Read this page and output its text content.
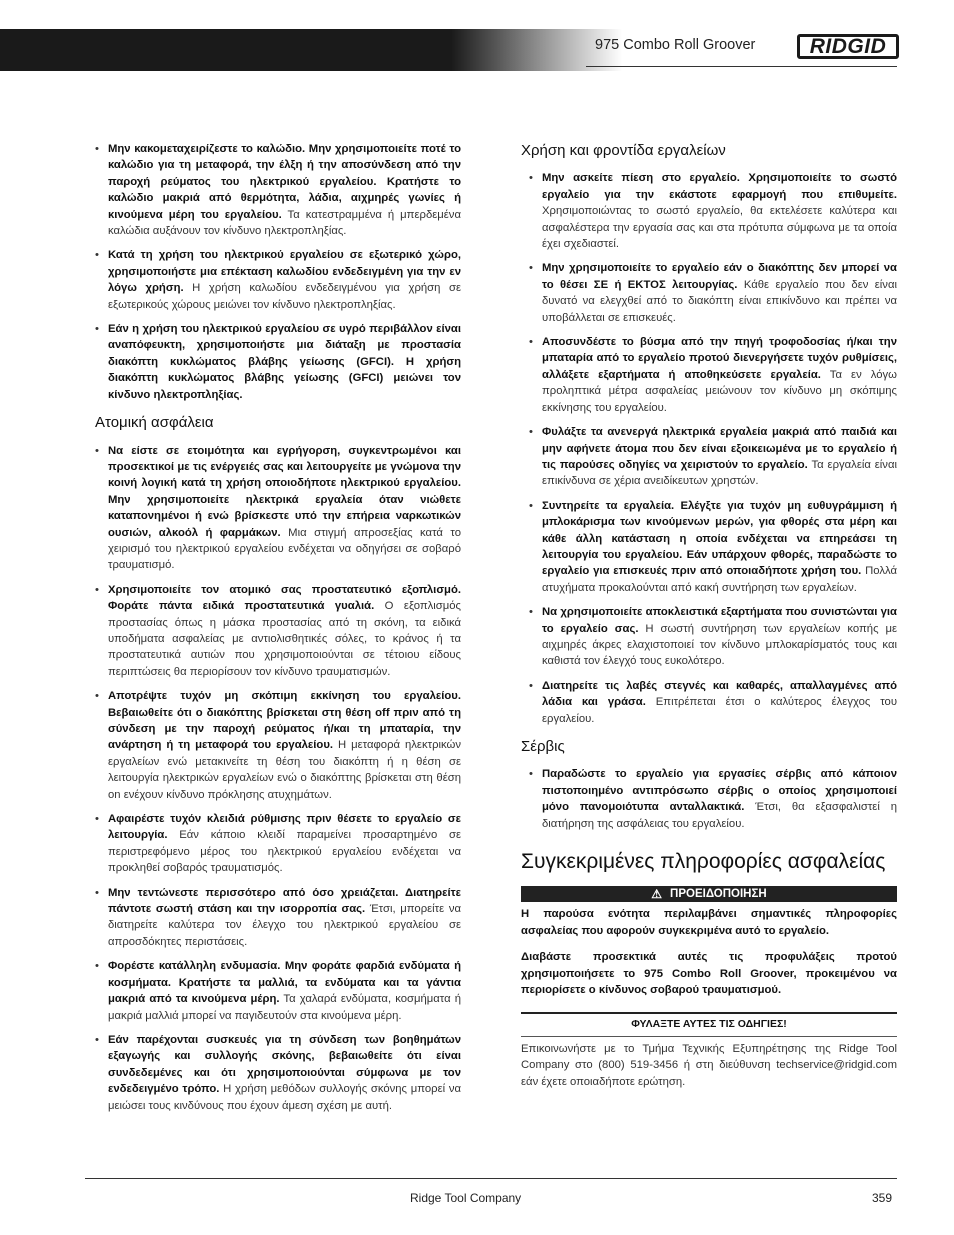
975 Combo Roll Groover	RIDGID

• Μην κακομεταχειρίζεστε το καλώδιο. Μην χρησιμοποιείτε ποτέ το καλώδιο για τη μεταφορά, την έλξη ή την αποσύνδεση από την παροχή ρεύματος του ηλεκτρικού εργαλείου. Κρατήστε το καλώδιο μακριά από θερμότητα, λάδια, αιχμηρές γωνίες ή κινούμενα μέρη του εργαλείου. Τα κατεστραμμένα ή μπερδεμένα καλώδια αυξάνουν τον κίνδυνο ηλεκτροπληξίας.

• Κατά τη χρήση του ηλεκτρικού εργαλείου σε εξωτερικό χώρο, χρησιμοποιήστε μια επέκταση καλωδίου ενδεδειγμένη για την εν λόγω χρήση. Η χρήση καλωδίου ενδεδειγμένου για χρήση σε εξωτερικούς χώρους μειώνει τον κίνδυνο ηλεκτροπληξίας.

• Εάν η χρήση του ηλεκτρικού εργαλείου σε υγρό περιβάλλον είναι αναπόφευκτη, χρησιμοποιήστε μια διάταξη με προστασία διακόπτη κυκλώματος βλάβης γείωσης (GFCI). Η χρήση διακόπτη κυκλώματος βλάβης γείωσης (GFCI) μειώνει τον κίνδυνο ηλεκτροπληξίας.

Ατομική ασφάλεια

• Να είστε σε ετοιμότητα και εγρήγορση, συγκεντρωμένοι και προσεκτικοί με τις ενέργειές σας και λειτουργείτε με γνώμονα την κοινή λογική κατά τη χρήση οποιοδήποτε ηλεκτρικού εργαλείου. Μην χρησιμοποιείτε ηλεκτρικά εργαλεία όταν νιώθετε καταπονημένοι ή ενώ βρίσκεστε υπό την επήρεια ναρκωτικών ουσιών, αλκοόλ ή φαρμάκων. Μια στιγμή απροσεξίας κατά το χειρισμό του ηλεκτρικού εργαλείου ενδέχεται να οδηγήσει σε σοβαρό τραυματισμό.

• Χρησιμοποιείτε τον ατομικό σας προστατευτικό εξοπλισμό. Φοράτε πάντα ειδικά προστατευτικά γυαλιά. Ο εξοπλισμός προστασίας όπως η μάσκα προστασίας από τη σκόνη, τα ειδικά υποδήματα ασφαλείας με αντιολισθητικές σόλες, το κράνος ή τα προστατευτικά αυτιών που χρησιμοποιούνται σε τέτοιου είδους περιπτώσεις θα περιορίσουν τον κίνδυνο τραυματισμών.

• Αποτρέψτε τυχόν μη σκόπιμη εκκίνηση του εργαλείου. Βεβαιωθείτε ότι ο διακόπτης βρίσκεται στη θέση off πριν από τη σύνδεση με την παροχή ρεύματος ή/και τη μπαταρία, την ανάρτηση ή τη μεταφορά του εργαλείου. Η μεταφορά ηλεκτρικών εργαλείων ενώ μετακινείτε τη θέση του διακόπτη ή η θέση σε λειτουργία ηλεκτρικών εργαλείων ενώ ο διακόπτης βρίσκεται στη θέση on ενέχουν κίνδυνο πρόκλησης ατυχημάτων.

• Αφαιρέστε τυχόν κλειδιά ρύθμισης πριν θέσετε το εργαλείο σε λειτουργία. Εάν κάποιο κλειδί παραμείνει προσαρτημένο σε περιστρεφόμενο μέρος του ηλεκτρικού εργαλείου ενδέχεται να προκληθεί σοβαρός τραυματισμός.

• Μην τεντώνεστε περισσότερο από όσο χρειάζεται. Διατηρείτε πάντοτε σωστή στάση και την ισορροπία σας. Έτσι, μπορείτε να διατηρείτε καλύτερα τον έλεγχο του ηλεκτρικού εργαλείου σε απροσδόκητες περιστάσεις.

• Φορέστε κατάλληλη ενδυμασία. Μην φοράτε φαρδιά ενδύματα ή κοσμήματα. Κρατήστε τα μαλλιά, τα ενδύματα και τα γάντια μακριά από τα κινούμενα μέρη. Τα χαλαρά ενδύματα, κοσμήματα ή μακριά μαλλιά μπορεί να παγιδευτούν στα κινούμενα μέρη.

• Εάν παρέχονται συσκευές για τη σύνδεση των βοηθημάτων εξαγωγής και συλλογής σκόνης, βεβαιωθείτε ότι είναι συνδεδεμένες και ότι χρησιμοποιούνται σύμφωνα με τον ενδεδειγμένο τρόπο. Η χρήση μεθόδων συλλογής σκόνης μπορεί να μειώσει τους κινδύνους που έχουν άμεση σχέση με αυτή.

Χρήση και φροντίδα εργαλείων

• Μην ασκείτε πίεση στο εργαλείο. Χρησιμοποιείτε το σωστό εργαλείο για την εκάστοτε εφαρμογή που επιθυμείτε. Χρησιμοποιώντας το σωστό εργαλείο, θα εκτελέσετε καλύτερα και ασφαλέστερα την εργασία σας και στα πρότυπα σύμφωνα με τα οποία έχει σχεδιαστεί.

• Μην χρησιμοποιείτε το εργαλείο εάν ο διακόπτης δεν μπορεί να το θέσει ΣΕ ή ΕΚΤΟΣ λειτουργίας. Κάθε εργαλείο που δεν είναι δυνατό να ελεγχθεί από το διακόπτη είναι επικίνδυνο και πρέπει να υποβάλλεται σε επισκευές.

• Αποσυνδέστε το βύσμα από την πηγή τροφοδοσίας ή/και την μπαταρία από το εργαλείο προτού διενεργήσετε τυχόν ρυθμίσεις, αλλάξετε εξαρτήματα ή αποθηκεύσετε εργαλεία. Τα εν λόγω προληπτικά μέτρα ασφαλείας μειώνουν τον κίνδυνο μη σκόπιμης εκκίνησης του εργαλείου.

• Φυλάξτε τα ανενεργά ηλεκτρικά εργαλεία μακριά από παιδιά και μην αφήνετε άτομα που δεν είναι εξοικειωμένα με το εργαλείο ή τις παρούσες οδηγίες να χειριστούν το εργαλείο. Τα εργαλεία είναι επικίνδυνα σε χέρια ανειδίκευτων χρηστών.

• Συντηρείτε τα εργαλεία. Ελέγξτε για τυχόν μη ευθυγράμμιση ή μπλοκάρισμα των κινούμενων μερών, για φθορές στα μέρη και κάθε άλλη κατάσταση η οποία ενδέχεται να επηρεάσει τη λειτουργία του εργαλείου. Εάν υπάρχουν φθορές, παραδώστε το εργαλείο για επισκευές πριν από οποιαδήποτε χρήση του. Πολλά ατυχήματα προκαλούνται από κακή συντήρηση των εργαλείων.

• Να χρησιμοποιείτε αποκλειστικά εξαρτήματα που συνιστώνται για το εργαλείο σας. Η σωστή συντήρηση των εργαλείων κοπής με αιχμηρές άκρες ελαχιστοποιεί τον κίνδυνο μπλοκαρίσματός τους και καθιστά τον έλεγχό τους ευκολότερο.

• Διατηρείτε τις λαβές στεγνές και καθαρές, απαλλαγμένες από λάδια και γράσα. Επιτρέπεται έτσι ο καλύτερος έλεγχος του εργαλείου.

Σέρβις

• Παραδώστε το εργαλείο για εργασίες σέρβις από κάποιον πιστοποιημένο αντιπρόσωπο σέρβις ο οποίος χρησιμοποιεί μόνο πανομοιότυπα ανταλλακτικά. Έτσι, θα εξασφαλιστεί η διατήρηση της ασφάλειας του εργαλείου.

Συγκεκριμένες πληροφορίες ασφαλείας
⚠ ΠΡΟΕΙΔΟΠΟΙΗΣΗ

Η παρούσα ενότητα περιλαμβάνει σημαντικές πληροφορίες ασφαλείας που αφορούν συγκεκριμένα αυτό το εργαλείο.

Διαβάστε προσεκτικά αυτές τις προφυλάξεις προτού χρησιμοποιήσετε το 975 Combo Roll Groover, προκειμένου να περιορίσετε ο κίνδυνος σοβαρού τραυματισμού.

ΦΥΛΑΞΤΕ ΑΥΤΕΣ ΤΙΣ ΟΔΗΓΙΕΣ!

Επικοινωνήστε με το Τμήμα Τεχνικής Εξυπηρέτησης της Ridge Tool Company στο (800) 519-3456 ή στη διεύθυνση techservice@ridgid.com εάν έχετε οποιαδήποτε ερώτηση.

Ridge Tool Company	359
